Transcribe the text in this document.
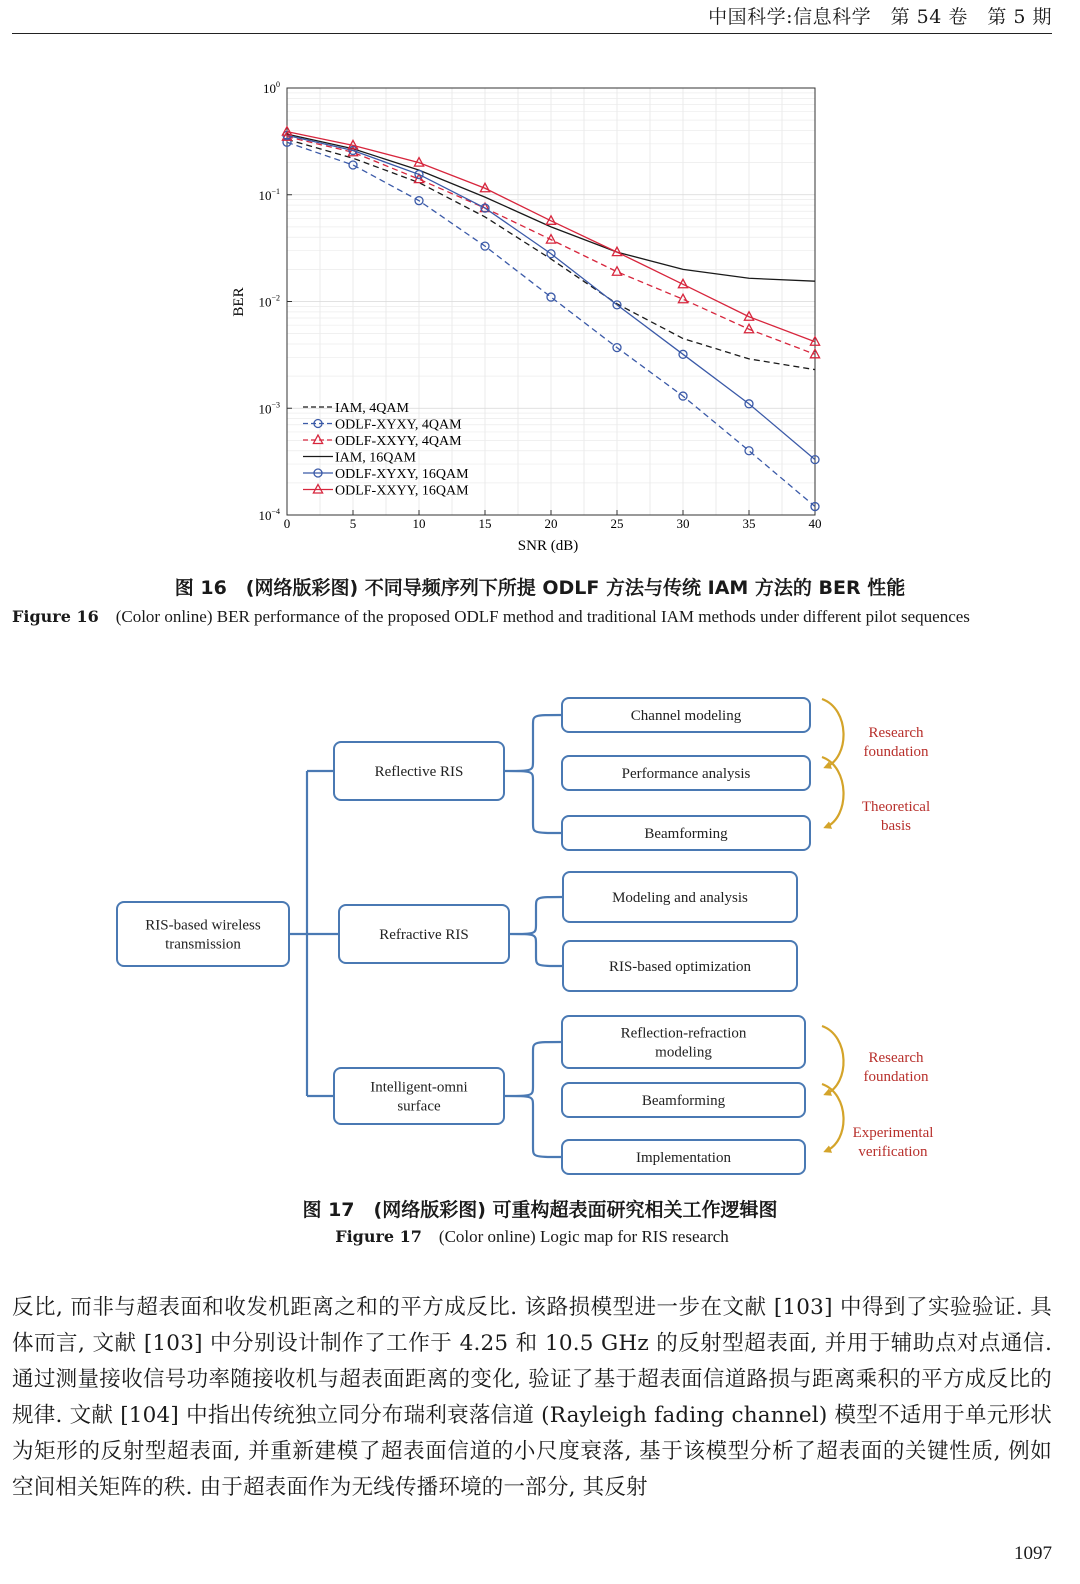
中国科学:信息科学　第 54 卷　第 5 期
0	5	10	15	20	25	30	35	40
$10^0$
$10^{-1}$
$10^{-2}$
$10^{-3}$
$10^{-4}$
IAM, 4QAM
ODLF-XYXY, 4QAM
ODLF-XXYY, 4QAM
IAM, 16QAM
ODLF-XYXY, 16QAM
ODLF-XXYY, 16QAM
SNR (dB)
BER
图 16　(网络版彩图) 不同导频序列下所提 ODLF 方法与传统 IAM 方法的 BER 性能
Figure 16 (Color online) BER performance of the proposed ODLF method and traditional IAM methods under different pilot sequences
RIS-based wireless
transmission
Reflective RIS
Channel modeling
Performance analysis
Beamforming
Refractive RIS
Modeling and analysis
RIS-based optimization
Intelligent-omni
surface
Reflection-refraction
modeling
Beamforming
Implementation
Research
foundation
Theoretical
basis
Research
foundation
Experimental
verification
图 17　(网络版彩图) 可重构超表面研究相关工作逻辑图
Figure 17 (Color online) Logic map for RIS research

反比, 而非与超表面和收发机距离之和的平方成反比. 该路损模型进一步在文献 [103] 中得到了实验验证. 具体而言, 文献 [103] 中分别设计制作了工作于 4.25 和 10.5 GHz 的反射型超表面, 并用于辅助点对点通信. 通过测量接收信号功率随接收机与超表面距离的变化, 验证了基于超表面信道路损与距离乘积的平方成反比的规律. 文献 [104] 中指出传统独立同分布瑞利衰落信道 (Rayleigh fading channel) 模型不适用于单元形状为矩形的反射型超表面, 并重新建模了超表面信道的小尺度衰落, 基于该模型分析了超表面的关键性质, 例如空间相关矩阵的秩. 由于超表面作为无线传播环境的一部分, 其反射

1097
